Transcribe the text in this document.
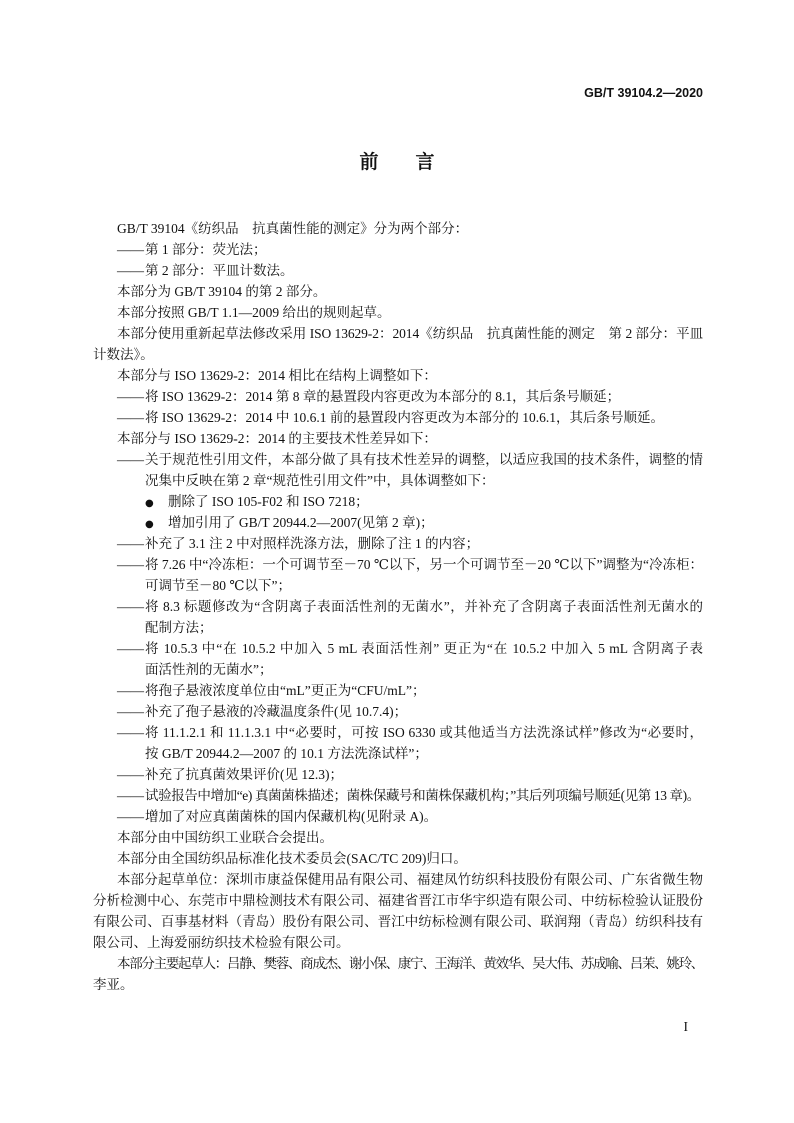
GB/T 39104.2—2020
前　言
GB/T 39104《纺织品　抗真菌性能的测定》分为两个部分：
—— 第 1 部分：荧光法；
—— 第 2 部分：平皿计数法。
本部分为 GB/T 39104 的第 2 部分。
本部分按照 GB/T 1.1—2009 给出的规则起草。
本部分使用重新起草法修改采用 ISO 13629-2：2014《纺织品　抗真菌性能的测定　第 2 部分：平皿
计数法》。
本部分与 ISO 13629-2：2014 相比在结构上调整如下：
—— 将 ISO 13629-2：2014 第 8 章的悬置段内容更改为本部分的 8.1，其后条号顺延；
—— 将 ISO 13629-2：2014 中 10.6.1 前的悬置段内容更改为本部分的 10.6.1，其后条号顺延。
本部分与 ISO 13629-2：2014 的主要技术性差异如下：
—— 关于规范性引用文件，本部分做了具有技术性差异的调整，以适应我国的技术条件，调整的情
况集中反映在第 2 章“规范性引用文件”中，具体调整如下：
●	删除了 ISO 105-F02 和 ISO 7218；
●	增加引用了 GB/T 20944.2—2007(见第 2 章)；
—— 补充了 3.1 注 2 中对照样洗涤方法，删除了注 1 的内容；
—— 将 7.26 中“冷冻柜：一个可调节至－70 ℃以下，另一个可调节至－20 ℃以下”调整为“冷冻柜：
可调节至－80 ℃以下”；
—— 将 8.3 标题修改为“含阴离子表面活性剂的无菌水”，并补充了含阴离子表面活性剂无菌水的
配制方法；
—— 将 10.5.3 中“在 10.5.2 中加入 5 mL 表面活性剂” 更正为“在 10.5.2 中加入 5 mL 含阴离子表
面活性剂的无菌水”；
—— 将孢子悬液浓度单位由“mL”更正为“CFU/mL”；
—— 补充了孢子悬液的冷藏温度条件(见 10.7.4)；
—— 将 11.1.2.1 和 11.1.3.1 中“必要时，可按 ISO 6330 或其他适当方法洗涤试样”修改为“必要时，
按 GB/T 20944.2—2007 的 10.1 方法洗涤试样”；
—— 补充了抗真菌效果评价(见 12.3)；
—— 试验报告中增加“e) 真菌菌株描述；菌株保藏号和菌株保藏机构；”其后列项编号顺延(见第 13 章)。
—— 增加了对应真菌菌株的国内保藏机构(见附录 A)。
本部分由中国纺织工业联合会提出。
本部分由全国纺织品标准化技术委员会(SAC/TC 209)归口。
本部分起草单位：深圳市康益保健用品有限公司、福建凤竹纺织科技股份有限公司、广东省微生物
分析检测中心、东莞市中鼎检测技术有限公司、福建省晋江市华宇织造有限公司、中纺标检验认证股份
有限公司、百事基材料（青岛）股份有限公司、晋江中纺标检测有限公司、联润翔（青岛）纺织科技有
限公司、上海爱丽纺织技术检验有限公司。
本部分主要起草人：吕静、樊蓉、商成杰、谢小保、康宁、王海洋、黄效华、吴大伟、苏成喻、吕茉、姚玲、
李亚。
I
